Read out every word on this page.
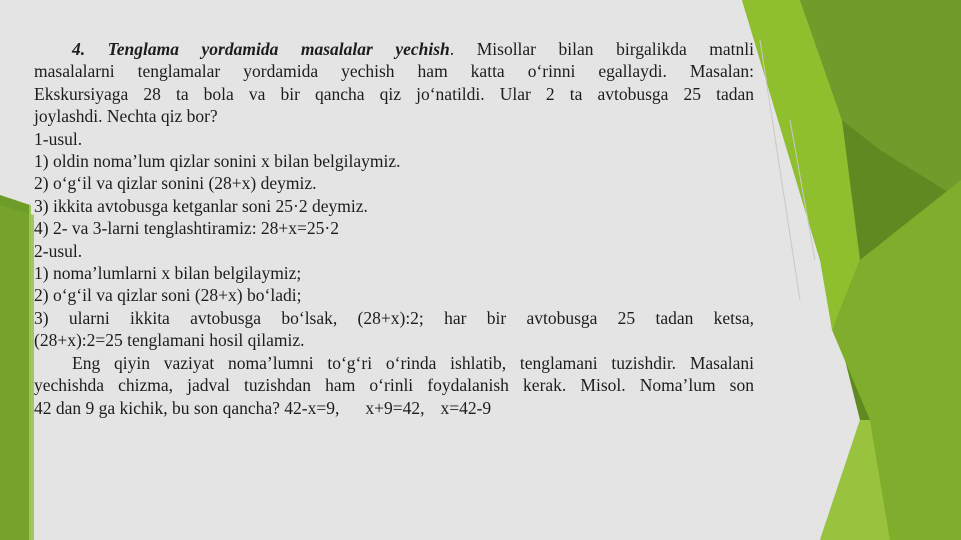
4. Tenglama yordamida masalalar yechish. Misollar bilan birgalikda matnli

masalalarni tenglamalar yordamida yechish ham katta o‘rinni egallaydi. Masalan:

Ekskursiyaga 28 ta bola va bir qancha qiz jo‘natildi. Ular 2 ta avtobusga 25 tadan

joylashdi. Nechta qiz bor?

1-usul.

1) oldin noma’lum qizlar sonini x bilan belgilaymiz.

2) o‘g‘il va qizlar sonini (28+x) deymiz.

3) ikkita avtobusga ketganlar soni 25·2 deymiz.

4) 2- va 3-larni tenglashtiramiz: 28+x=25·2

2-usul.

1) noma’lumlarni x bilan belgilaymiz;

2) o‘g‘il va qizlar soni (28+x) bo‘ladi;

3) ularni ikkita avtobusga bo‘lsak, (28+x):2; har bir avtobusga 25 tadan ketsa,

(28+x):2=25 tenglamani hosil qilamiz.

Eng qiyin vaziyat noma’lumni to‘g‘ri o‘rinda ishlatib, tenglamani tuzishdir. Masalani

yechishda chizma, jadval tuzishdan ham o‘rinli foydalanish kerak. Misol. Noma’lum son

42 dan 9 ga kichik, bu son qancha? 42-x=9, x+9=42, x=42-9
